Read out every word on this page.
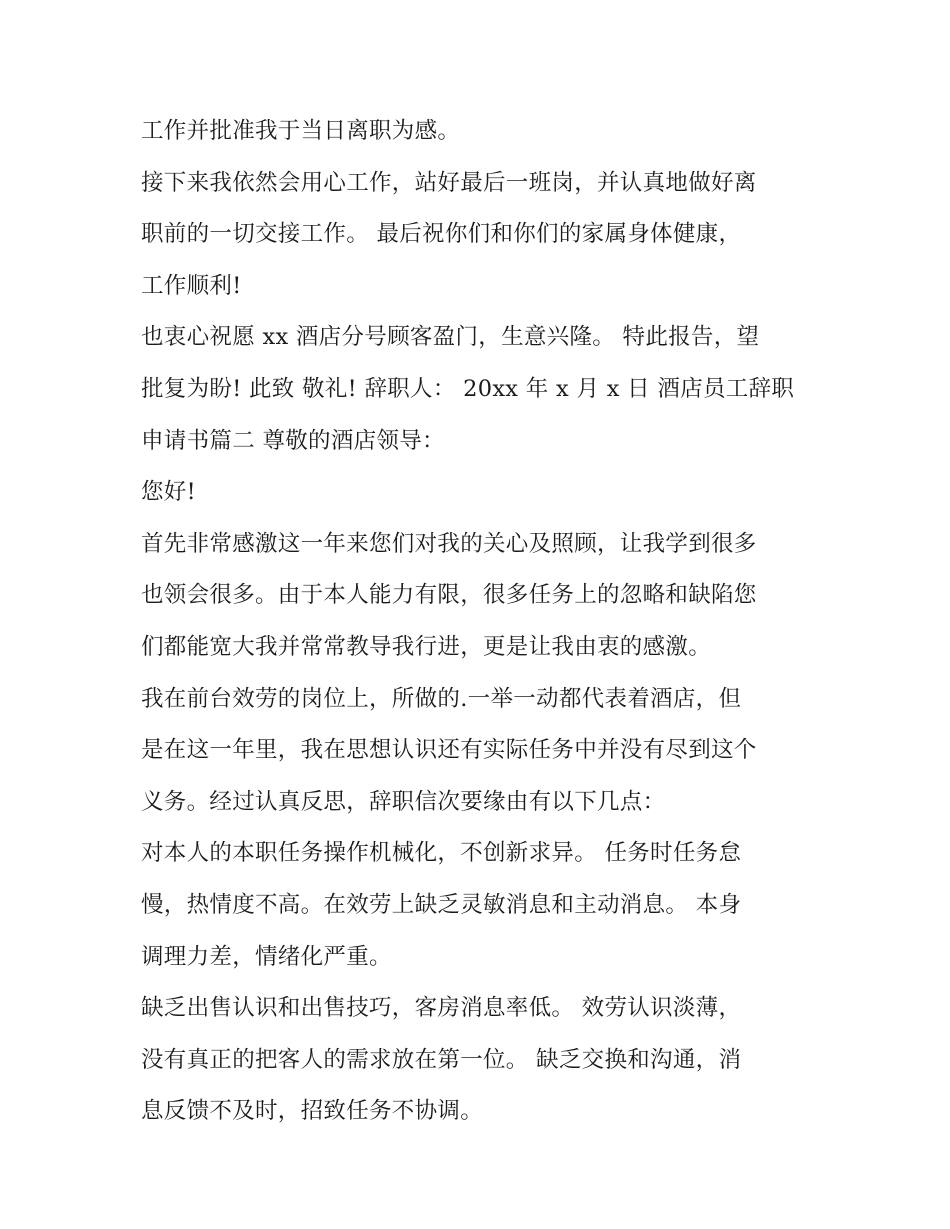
工作并批准我于当日离职为感。
接下来我依然会用心工作，站好最后一班岗，并认真地做好离
职前的一切交接工作。 最后祝你们和你们的家属身体健康，
工作顺利!
也衷心祝愿 xx 酒店分号顾客盈门，生意兴隆。 特此报告，望
批复为盼! 此致 敬礼! 辞职人： 20xx 年 x 月 x 日 酒店员工辞职
申请书篇二 尊敬的酒店领导：
您好!
首先非常感激这一年来您们对我的关心及照顾，让我学到很多
也领会很多。由于本人能力有限，很多任务上的忽略和缺陷您
们都能宽大我并常常教导我行进，更是让我由衷的感激。
我在前台效劳的岗位上，所做的.一举一动都代表着酒店，但
是在这一年里，我在思想认识还有实际任务中并没有尽到这个
义务。经过认真反思，辞职信次要缘由有以下几点：
对本人的本职任务操作机械化，不创新求异。 任务时任务怠
慢，热情度不高。在效劳上缺乏灵敏消息和主动消息。 本身
调理力差，情绪化严重。
缺乏出售认识和出售技巧，客房消息率低。 效劳认识淡薄，
没有真正的把客人的需求放在第一位。 缺乏交换和沟通，消
息反馈不及时，招致任务不协调。
